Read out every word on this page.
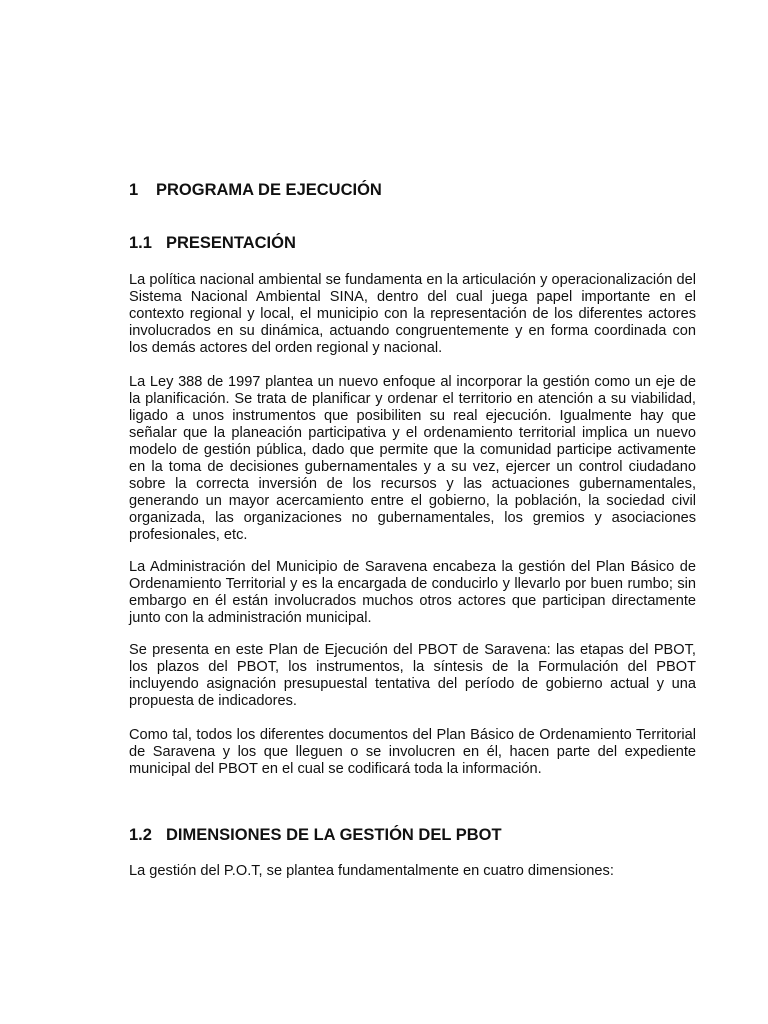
1 PROGRAMA DE EJECUCIÓN
1.1 PRESENTACIÓN

La política nacional ambiental se fundamenta en la articulación y operacionalización del Sistema Nacional Ambiental SINA, dentro del cual juega papel importante en el contexto regional y local, el municipio con la representación de los diferentes actores involucrados en su dinámica, actuando congruentemente y en forma coordinada con los demás actores del orden regional y nacional.

La Ley 388 de 1997 plantea un nuevo enfoque al incorporar la gestión como un eje de la planificación. Se trata de planificar y ordenar el territorio en atención a su viabilidad, ligado a unos instrumentos que posibiliten su real ejecución. Igualmente hay que señalar que la planeación participativa y el ordenamiento territorial implica un nuevo modelo de gestión pública, dado que permite que la comunidad participe activamente en la toma de decisiones gubernamentales y a su vez, ejercer un control ciudadano sobre la correcta inversión de los recursos y las actuaciones gubernamentales, generando un mayor acercamiento entre el gobierno, la población, la sociedad civil organizada, las organizaciones no gubernamentales, los gremios y asociaciones profesionales, etc.

La Administración del Municipio de Saravena encabeza la gestión del Plan Básico de Ordenamiento Territorial y es la encargada de conducirlo y llevarlo por buen rumbo; sin embargo en él están involucrados muchos otros actores que participan directamente junto con la administración municipal.

Se presenta en este Plan de Ejecución del PBOT de Saravena: las etapas del PBOT, los plazos del PBOT, los instrumentos, la síntesis de la Formulación del PBOT incluyendo asignación presupuestal tentativa del período de gobierno actual y una propuesta de indicadores.

Como tal, todos los diferentes documentos del Plan Básico de Ordenamiento Territorial de Saravena y los que lleguen o se involucren en él, hacen parte del expediente municipal del PBOT en el cual se codificará toda la información.

1.2 DIMENSIONES DE LA GESTIÓN DEL PBOT

La gestión del P.O.T, se plantea fundamentalmente en cuatro dimensiones:
